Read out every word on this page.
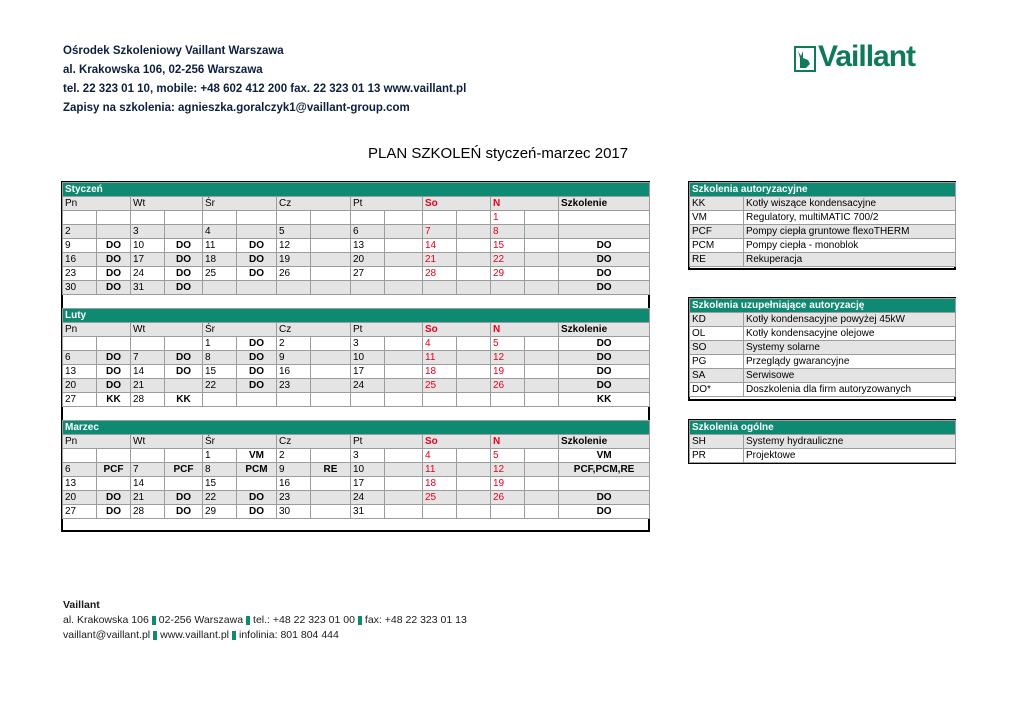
Ośrodek Szkoleniowy Vaillant Warszawa
al. Krakowska 106, 02-256 Warszawa
tel. 22 323 01 10, mobile: +48 602 412 200 fax. 22 323 01 13 www.vaillant.pl
Zapisy na szkolenia: agnieszka.goralczyk1@vaillant-group.com
Vaillant
PLAN SZKOLEŃ styczeń-marzec 2017
Styczeń														
Pn		Wt		Śr		Cz		Pt		So		N		Szkolenie
												1		
2		3		4		5		6		7		8		
9	DO	10	DO	11	DO	12		13		14		15		DO
16	DO	17	DO	18	DO	19		20		21		22		DO
23	DO	24	DO	25	DO	26		27		28		29		DO
30	DO	31	DO											DO

Luty														
Pn		Wt		Śr		Cz		Pt		So		N		Szkolenie
				1	DO	2		3		4		5		DO
6	DO	7	DO	8	DO	9		10		11		12		DO
13	DO	14	DO	15	DO	16		17		18		19		DO
20	DO	21		22	DO	23		24		25		26		DO
27	KK	28	KK											KK

Marzec														
Pn		Wt		Śr		Cz		Pt		So		N		Szkolenie
				1	VM	2		3		4		5		VM
6	PCF	7	PCF	8	PCM	9	RE	10		11		12		PCF,PCM,RE
13		14		15		16		17		18		19		
20	DO	21	DO	22	DO	23		24		25		26		DO
27	DO	28	DO	29	DO	30		31						DO
Szkolenia autoryzacyjne	
KK	Kotły wiszące kondensacyjne
VM	Regulatory, multiMATIC 700/2
PCF	Pompy ciepła gruntowe flexoTHERM
PCM	Pompy ciepła - monoblok
RE	Rekuperacja
Szkolenia uzupełniające autoryzację	
KD	Kotły kondensacyjne powyżej 45kW
OL	Kotły kondensacyjne olejowe
SO	Systemy solarne
PG	Przeglądy gwarancyjne
SA	Serwisowe
DO*	Doszkolenia dla firm autoryzowanych
Szkolenia ogólne	
SH	Systemy hydrauliczne
PR	Projektowe
Vaillant
al. Krakowska 106 02-256 Warszawa tel.: +48 22 323 01 00 fax: +48 22 323 01 13
vaillant@vaillant.pl www.vaillant.pl infolinia: 801 804 444
